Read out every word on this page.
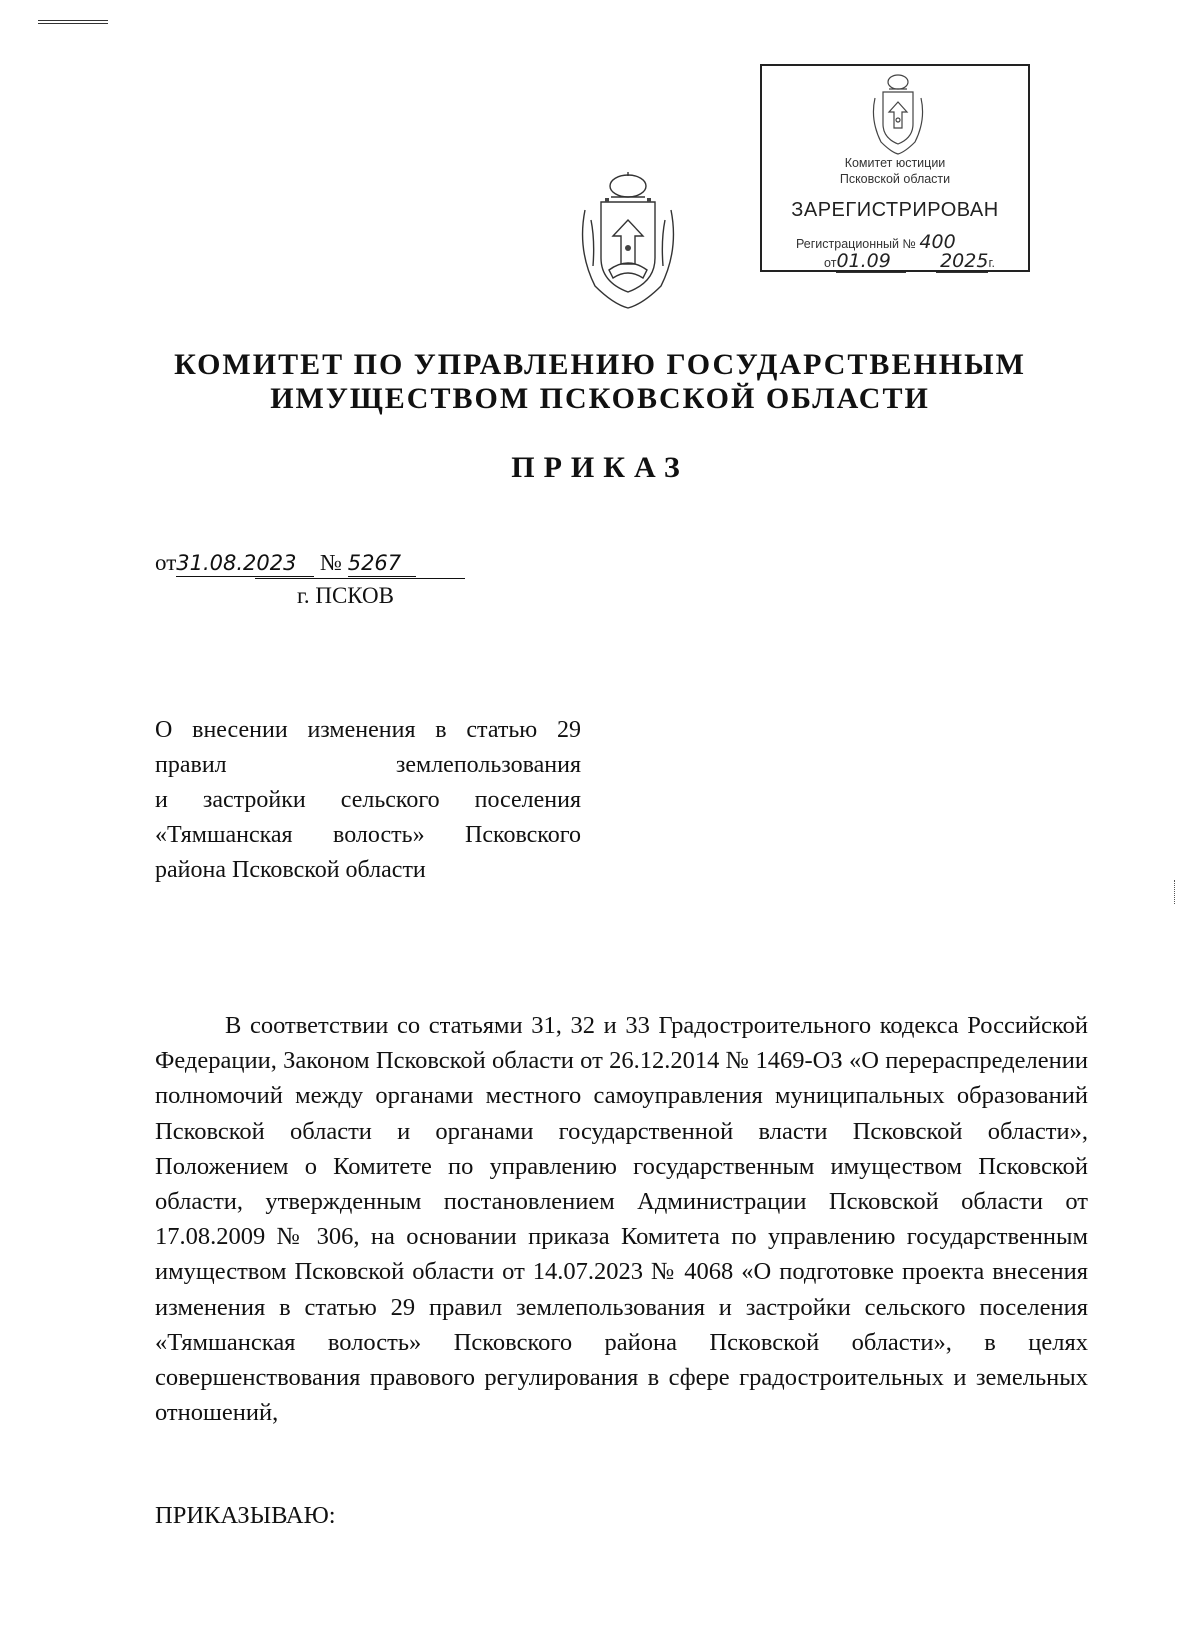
Комитет юстиции
Псковской области
ЗАРЕГИСТРИРОВАН
Регистрационный № 400
от01.09	2025г.
КОМИТЕТ ПО УПРАВЛЕНИЮ ГОСУДАРСТВЕННЫМ
ИМУЩЕСТВОМ ПСКОВСКОЙ ОБЛАСТИ
ПРИКАЗ
от31.08.2023 № 5267
г. ПСКОВ
О внесении изменения в статью 29
правил землепользования
и застройки сельского поселения
«Тямшанская волость» Псковского
района Псковской области
В соответствии со статьями 31, 32 и 33 Градостроительного кодекса Российской Федерации, Законом Псковской области от 26.12.2014 № 1469-ОЗ «О перераспределении полномочий между органами местного самоуправления муниципальных образований Псковской области и органами государственной власти Псковской области», Положением о Комитете по управлению государственным имуществом Псковской области, утвержденным постановлением Администрации Псковской области от 17.08.2009 № 306, на основании приказа Комитета по управлению государственным имуществом Псковской области от 14.07.2023 № 4068 «О подготовке проекта внесения изменения в статью 29 правил землепользования и застройки сельского поселения «Тямшанская волость» Псковского района Псковской области», в целях совершенствования правового регулирования в сфере градостроительных и земельных отношений,
ПРИКАЗЫВАЮ:
